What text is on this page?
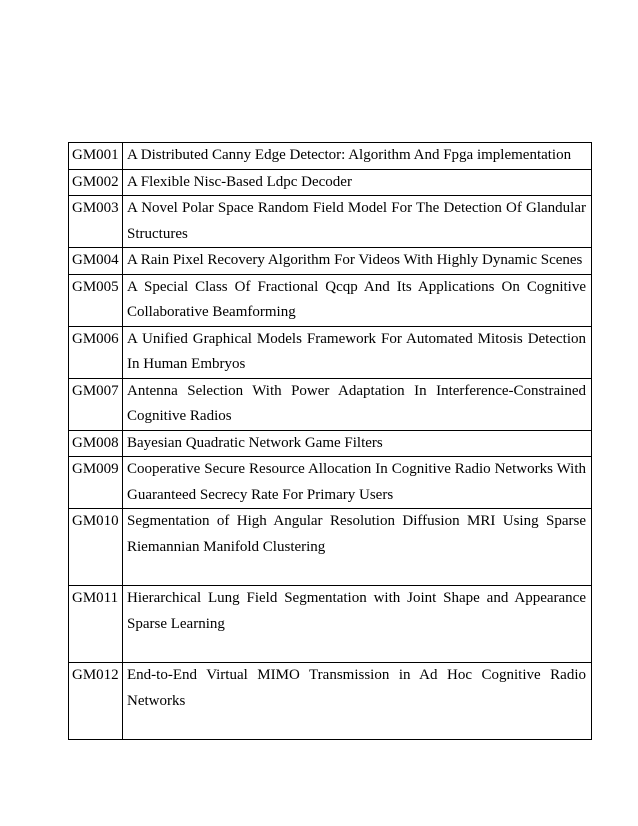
GM001	A Distributed Canny Edge Detector: Algorithm And Fpga implementation
GM002	A Flexible Nisc-Based Ldpc Decoder
GM003	A Novel Polar Space Random Field Model For The Detection Of Glandular Structures
GM004	A Rain Pixel Recovery Algorithm For Videos With Highly Dynamic Scenes
GM005	A Special Class Of Fractional Qcqp And Its Applications On Cognitive Collaborative Beamforming
GM006	A Unified Graphical Models Framework For Automated Mitosis Detection In Human Embryos
GM007	Antenna Selection With Power Adaptation In Interference-Constrained Cognitive Radios
GM008	Bayesian Quadratic Network Game Filters
GM009	Cooperative Secure Resource Allocation In Cognitive Radio Networks With Guaranteed Secrecy Rate For Primary Users
GM010	Segmentation of High Angular Resolution Diffusion MRI Using Sparse Riemannian Manifold Clustering
GM011	Hierarchical Lung Field Segmentation with Joint Shape and Appearance Sparse Learning
GM012	End-to-End Virtual MIMO Transmission in Ad Hoc Cognitive Radio Networks
